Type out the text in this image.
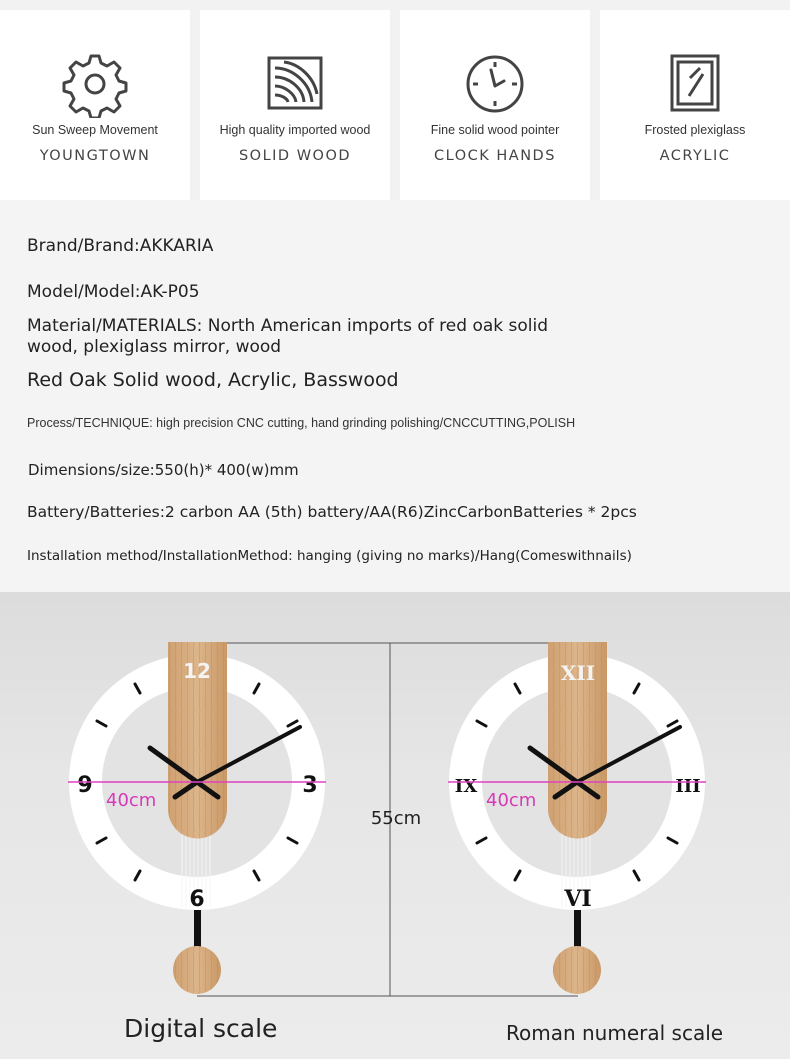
Sun Sweep Movement
YOUNGTOWN
High quality imported wood
SOLID WOOD
Fine solid wood pointer
CLOCK HANDS
Frosted plexiglass
ACRYLIC
Brand/Brand:AKKARIA
Model/Model:AK-P05
Material/MATERIALS: North American imports of red oak solid
wood, plexiglass mirror, wood
Red Oak Solid wood, Acrylic, Basswood
Process/TECHNIQUE: high precision CNC cutting, hand grinding polishing/CNCCUTTING,POLISH
Dimensions/size:550(h)* 400(w)mm
Battery/Batteries:2 carbon AA (5th) battery/AA(R6)ZincCarbonBatteries * 2pcs
Installation method/InstallationMethod: hanging (giving no marks)/Hang(Comeswithnails)
12
3
6
9
XII
III
VI
IX
40cm	40cm
55cm
Digital scale	Roman numeral scale
